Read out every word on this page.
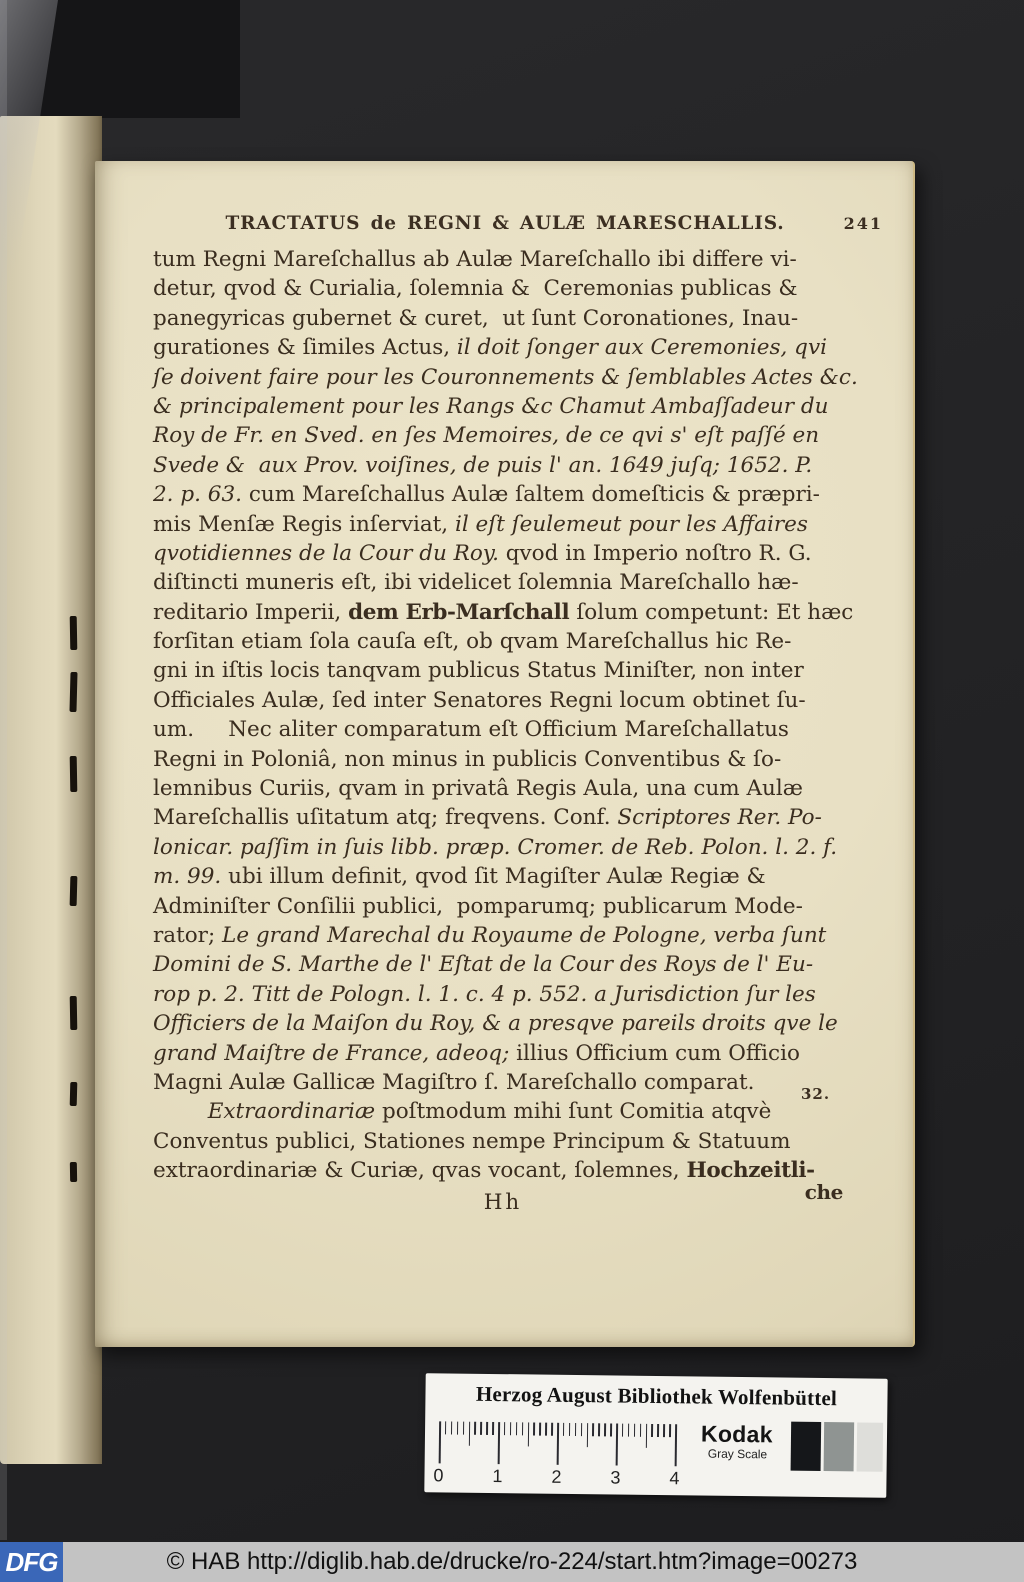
TRACTATUS de REGNI & AULÆ MARESCHALLIS.	241
tum Regni Mareſchallus ab Aulæ Mareſchallo ibi differe vi-
detur, qvod & Curialia, ſolemnia &  Ceremonias publicas &
panegyricas gubernet & curet,  ut ſunt Coronationes, Inau-
gurationes & ſimiles Actus, il doit ſonger aux Ceremonies, qvi
ſe doivent faire pour les Couronnements & ſemblables Actes &c.
& principalement pour les Rangs &c Chamut Ambaſſadeur du
Roy de Fr. en Sved. en ſes Memoires, de ce qvi s' eſt paſſé en
Svede &  aux Prov. voiſines, de puis l' an. 1649 juſq; 1652. P.
2. p. 63. cum Mareſchallus Aulæ ſaltem domeſticis & præpri-
mis Menſæ Regis inſerviat, il eſt ſeulemeut pour les Affaires
qvotidiennes de la Cour du Roy. qvod in Imperio noſtro R. G.
diſtincti muneris eſt, ibi videlicet ſolemnia Mareſchallo hæ-
reditario Imperii, dem Erb-Marſchall ſolum competunt: Et hæc
forſitan etiam ſola cauſa eſt, ob qvam Mareſchallus hic Re-
gni in iſtis locis tanqvam publicus Status Miniſter, non inter
Officiales Aulæ, ſed inter Senatores Regni locum obtinet ſu-
um.     Nec aliter comparatum eſt Officium Mareſchallatus
Regni in Poloniâ, non minus in publicis Conventibus & ſo-
lemnibus Curiis, qvam in privatâ Regis Aula, una cum Aulæ
Mareſchallis uſitatum atq; freqvens. Conf. Scriptores Rer. Po-
lonicar. paſſim in ſuis libb. præp. Cromer. de Reb. Polon. l. 2. f.
m. 99. ubi illum definit, qvod ſit Magiſter Aulæ Regiæ &
Adminiſter Conſilii publici,  pomparumq; publicarum Mode-
rator; Le grand Marechal du Royaume de Pologne, verba ſunt
Domini de S. Marthe de l' Eſtat de la Cour des Roys de l' Eu-
rop p. 2. Titt de Pologn. l. 1. c. 4 p. 552. a Jurisdiction ſur les
Officiers de la Maiſon du Roy, & a presqve pareils droits qve le
grand Maiſtre de France, adeoq; illius Officium cum Officio
Magni Aulæ Gallicæ Magiſtro ſ. Mareſchallo comparat.
Extraordinariæ poſtmodum mihi ſunt Comitia atqvè
Conventus publici, Stationes nempe Principum & Statuum
extraordinariæ & Curiæ, qvas vocant, ſolemnes, Hochzeitli-
Hh	che
32.
Herzog August Bibliothek Wolfenbüttel
0	1	2	3	4
Kodak
Gray Scale
© HAB http://diglib.hab.de/drucke/ro-224/start.htm?image=00273
DFG
